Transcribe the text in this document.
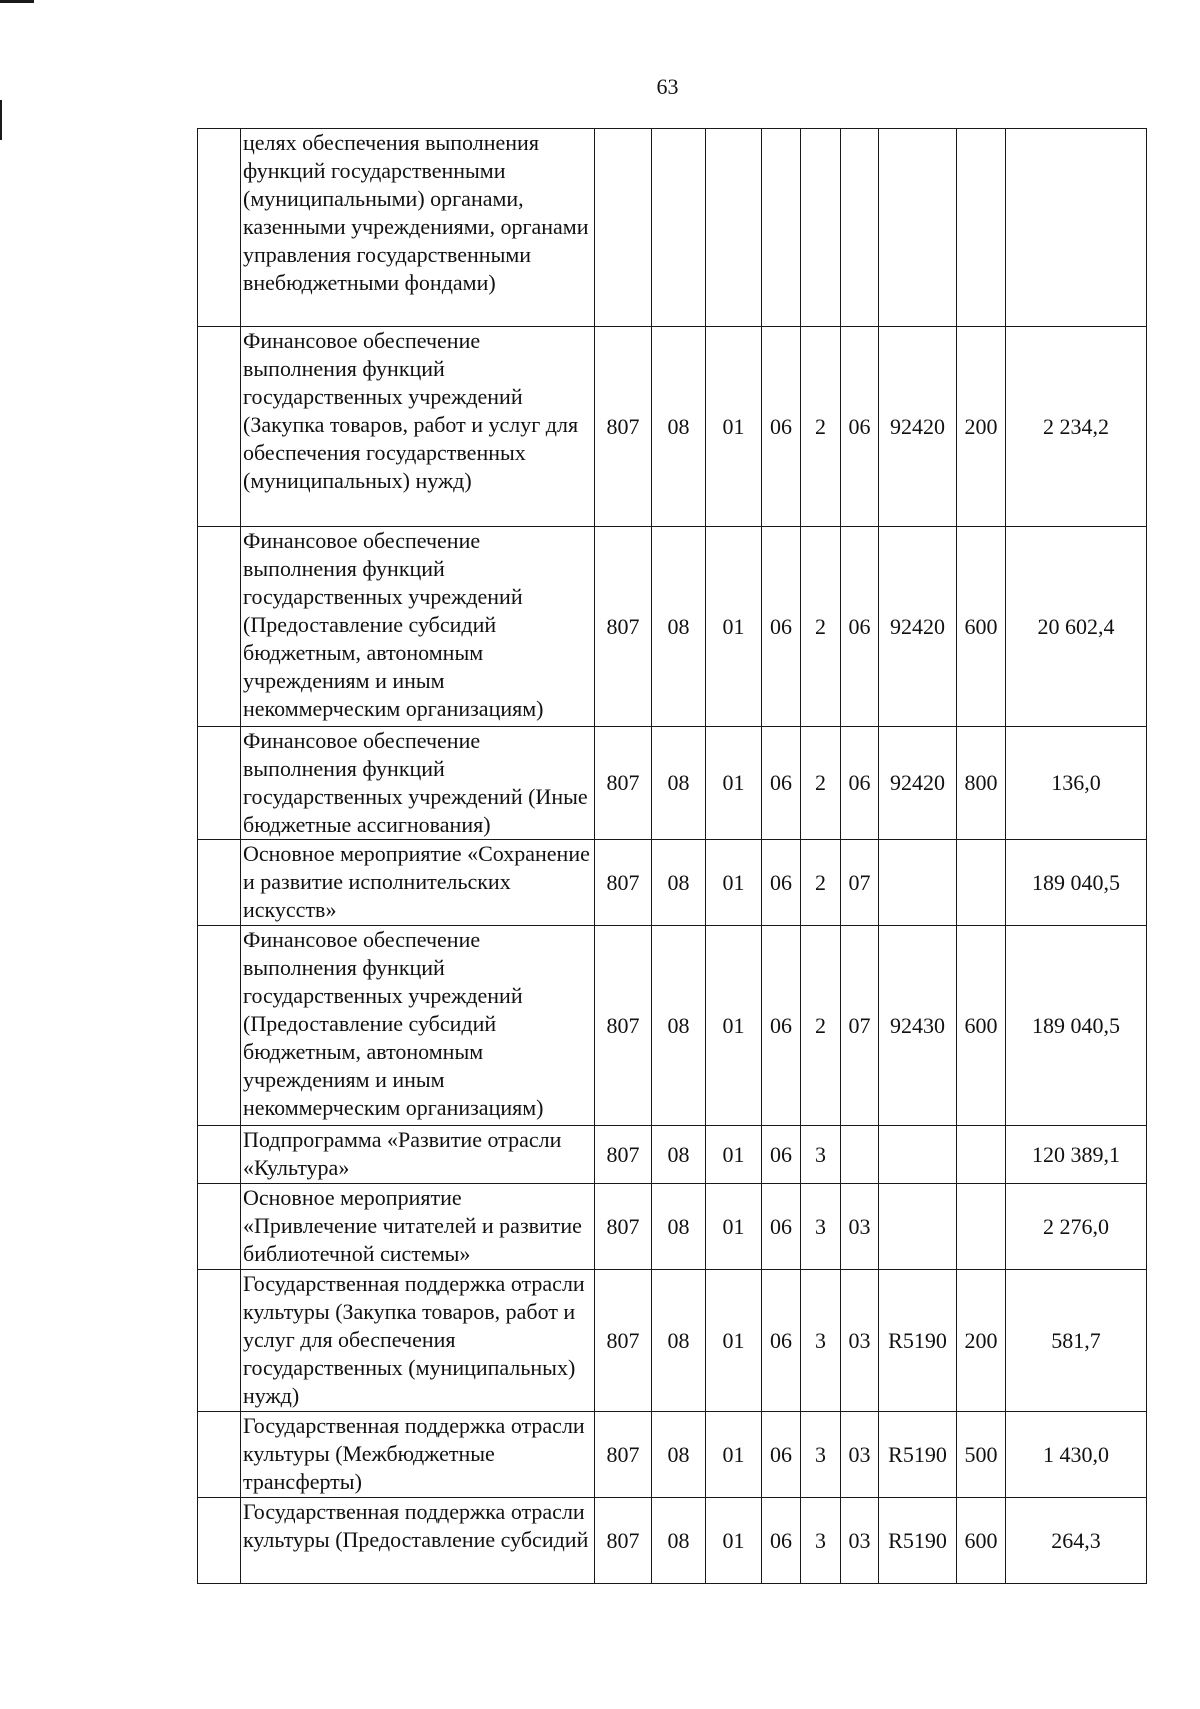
63
	целях обеспечения выполнения функций государственными (муниципальными) органами, казенными учреждениями, органами управления государственными внебюджетными фондами)									
	Финансовое обеспечение выполнения функций государственных учреждений (Закупка товаров, работ и услуг для обеспечения государственных (муниципальных) нужд)	807	08	01	06	2	06	92420	200	2 234,2
	Финансовое обеспечение выполнения функций государственных учреждений (Предоставление субсидий бюджетным, автономным учреждениям и иным некоммерческим организациям)	807	08	01	06	2	06	92420	600	20 602,4
	Финансовое обеспечение выполнения функций государственных учреждений (Иные бюджетные ассигнования)	807	08	01	06	2	06	92420	800	136,0
	Основное мероприятие «Сохранение и развитие исполнительских искусств»	807	08	01	06	2	07			189 040,5
	Финансовое обеспечение выполнения функций государственных учреждений (Предоставление субсидий бюджетным, автономным учреждениям и иным некоммерческим организациям)	807	08	01	06	2	07	92430	600	189 040,5
	Подпрограмма «Развитие отрасли «Культура»	807	08	01	06	3				120 389,1
	Основное мероприятие «Привлечение читателей и развитие библиотечной системы»	807	08	01	06	3	03			2 276,0
	Государственная поддержка отрасли культуры (Закупка товаров, работ и услуг для обеспечения государственных (муниципальных) нужд)	807	08	01	06	3	03	R5190	200	581,7
	Государственная поддержка отрасли культуры (Межбюджетные трансферты)	807	08	01	06	3	03	R5190	500	1 430,0
	Государственная поддержка отрасли культуры (Предоставление субсидий	807	08	01	06	3	03	R5190	600	264,3
